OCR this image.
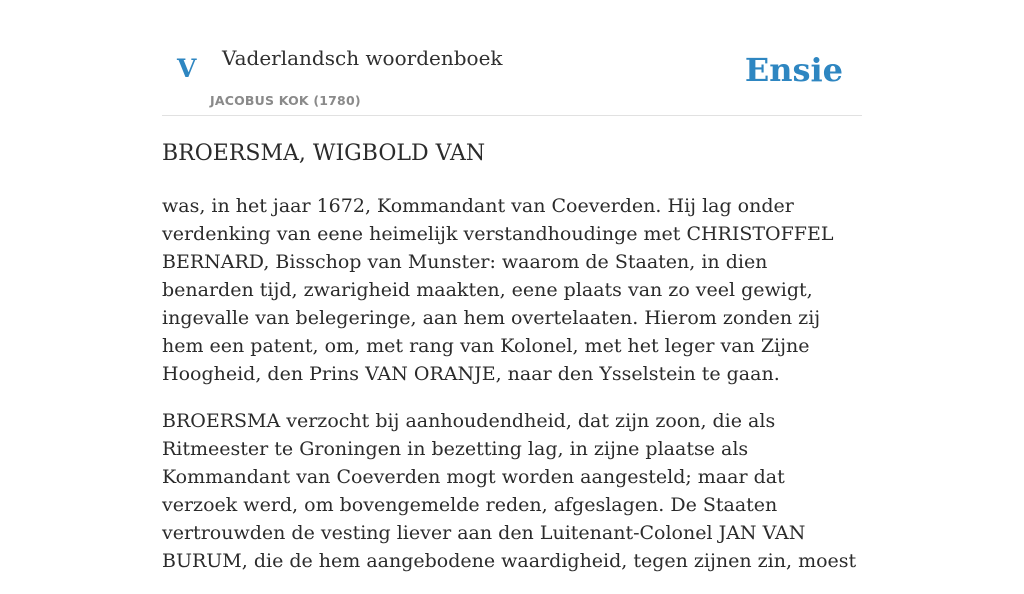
V Vaderlandsch woordenboek
JACOBUS KOK (1780)
Ensie
BROERSMA, WIGBOLD VAN

was, in het jaar 1672, Kommandant van Coeverden. Hij lag onder verdenking van eene heimelijk verstandhoudinge met CHRISTOFFEL BERNARD, Bisschop van Munster: waarom de Staaten, in dien benarden tijd, zwarigheid maakten, eene plaats van zo veel gewigt, ingevalle van belegeringe, aan hem overtelaaten. Hierom zonden zij hem een patent, om, met rang van Kolonel, met het leger van Zijne Hoogheid, den Prins VAN ORANJE, naar den Ysselstein te gaan.

BROERSMA verzocht bij aanhoudendheid, dat zijn zoon, die als Ritmeester te Groningen in bezetting lag, in zijne plaatse als Kommandant van Coeverden mogt worden aangesteld; maar dat verzoek werd, om bovengemelde reden, afgeslagen. De Staaten vertrouwden de vesting liever aan den Luitenant-Colonel JAN VAN BURUM, die de hem aangebodene waardigheid, tegen zijnen zin, moest
